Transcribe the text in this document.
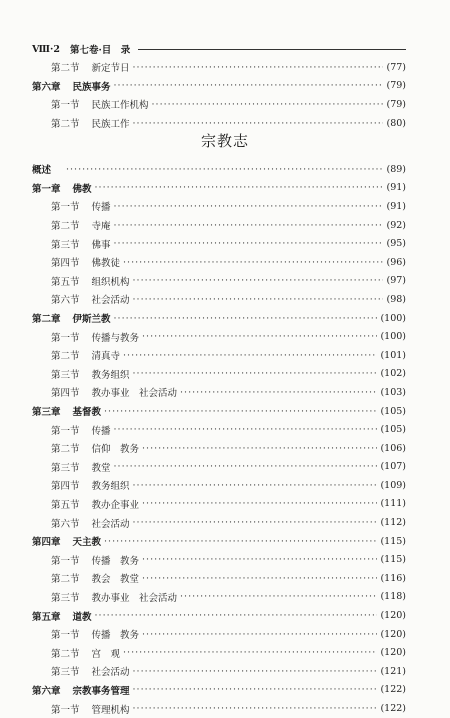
Ⅷ·2 第七卷·目　录
第二节 新定节日 ·····	(77)
第六章 民族事务 ·····	(79)
第一节 民族工作机构 ·····	(79)
第二节 民族工作 ·····	(80)
宗教志
概述 ·····	(89)
第一章 佛教 ·····	(91)
第一节 传播 ·····	(91)
第二节 寺庵 ·····	(92)
第三节 佛事 ·····	(95)
第四节 佛教徒 ·····	(96)
第五节 组织机构 ·····	(97)
第六节 社会活动 ·····	(98)
第二章 伊斯兰教 ·····	(100)
第一节 传播与教务 ·····	(100)
第二节 清真寺 ·····	(101)
第三节 教务组织 ·····	(102)
第四节 教办事业　社会活动 ·····	(103)
第三章 基督教 ·····	(105)
第一节 传播 ·····	(105)
第二节 信仰　教务 ·····	(106)
第三节 教堂 ·····	(107)
第四节 教务组织 ·····	(109)
第五节 教办企事业 ·····	(111)
第六节 社会活动 ·····	(112)
第四章 天主教 ·····	(115)
第一节 传播　教务 ·····	(115)
第二节 教会　教堂 ·····	(116)
第三节 教办事业　社会活动 ·····	(118)
第五章 道教 ·····	(120)
第一节 传播　教务 ·····	(120)
第二节 宫　观 ·····	(120)
第三节 社会活动 ·····	(121)
第六章 宗教事务管理 ·····	(122)
第一节 管理机构 ·····	(122)
